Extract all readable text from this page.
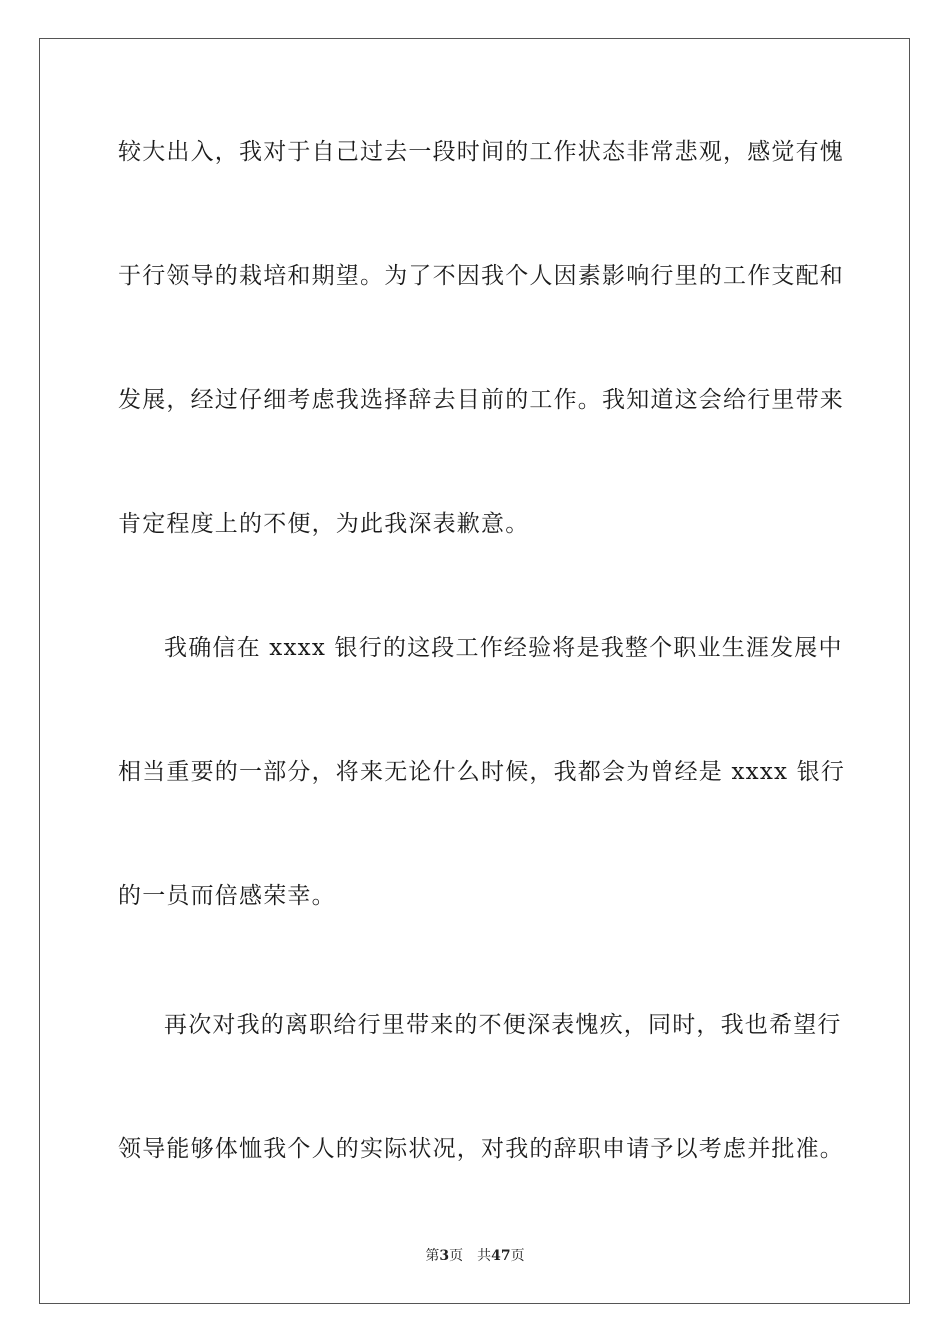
较大出入，我对于自己过去一段时间的工作状态非常悲观，感觉有愧
于行领导的栽培和期望。为了不因我个人因素影响行里的工作支配和
发展，经过仔细考虑我选择辞去目前的工作。我知道这会给行里带来
肯定程度上的不便，为此我深表歉意。
我确信在 xxxx 银行的这段工作经验将是我整个职业生涯发展中
相当重要的一部分，将来无论什么时候，我都会为曾经是 xxxx 银行
的一员而倍感荣幸。
再次对我的离职给行里带来的不便深表愧疚，同时，我也希望行
领导能够体恤我个人的实际状况，对我的辞职申请予以考虑并批准。
第3页 共47页
